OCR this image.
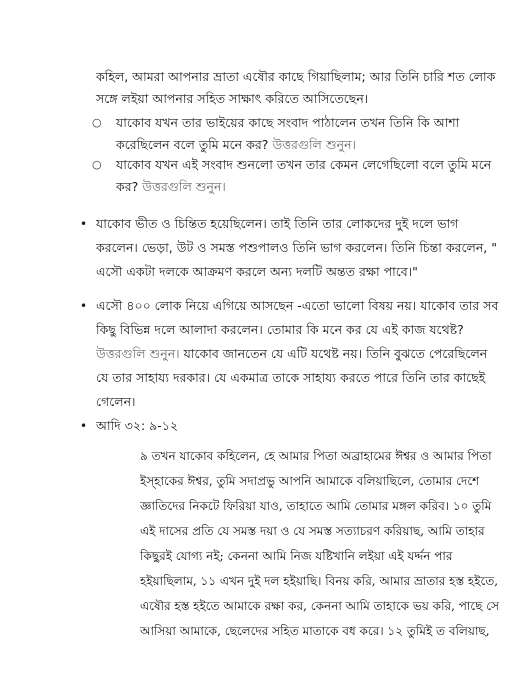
কহিল, আমরা আপনার ভ্রাতা এষৌর কাছে গিয়াছিলাম; আর তিনি চারি শত লোক সঙ্গে লইয়া আপনার সহিত সাক্ষাৎ করিতে আসিতেছেন।

○ যাকোব যখন তার ভাইয়ের কাছে সংবাদ পাঠালেন তখন তিনি কি আশা করেছিলেন বলে তুমি মনে কর? উত্তরগুলি শুনুন।

○ যাকোব যখন এই সংবাদ শুনলো তখন তার কেমন লেগেছিলো বলে তুমি মনে কর? উত্তরগুলি শুনুন।

• যাকোব ভীত ও চিন্তিত হয়েছিলেন। তাই তিনি তার লোকদের দুই দলে ভাগ করলেন। ভেড়া, উট ও সমস্ত পশুপালও তিনি ভাগ করলেন। তিনি চিন্তা করলেন, " এসৌ একটা দলকে আক্রমণ করলে অন্য দলটি অন্তত রক্ষা পাবে।"

• এসৌ ৪০০ লোক নিয়ে এগিয়ে আসছেন -এতো ভালো বিষয় নয়। যাকোব তার সব কিছু বিভিন্ন দলে আলাদা করলেন। তোমার কি মনে কর যে এই কাজ যথেষ্ট? উত্তরগুলি শুনুন। যাকোব জানতেন যে এটি যথেষ্ট নয়। তিনি বুঝতে পেরেছিলেন যে তার সাহায্য দরকার। যে একমাত্র তাকে সাহায্য করতে পারে তিনি তার কাছেই গেলেন।

• আদি ৩২: ৯-১২

৯ তখন যাকোব কহিলেন, হে আমার পিতা অব্রাহামের ঈশ্বর ও আমার পিতা ইস্‌হাকের ঈশ্বর, তুমি সদাপ্রভু আপনি আমাকে বলিয়াছিলে, তোমার দেশে জ্ঞাতিদের নিকটে ফিরিয়া যাও, তাহাতে আমি তোমার মঙ্গল করিব। ১০ তুমি এই দাসের প্রতি যে সমস্ত দয়া ও যে সমস্ত সত্যাচরণ করিয়াছ, আমি তাহার কিছুরই যোগ্য নই; কেননা আমি নিজ যষ্টিখানি লইয়া এই যর্দ্দন পার হইয়াছিলাম, ১১ এখন দুই দল হইয়াছি। বিনয় করি, আমার ভ্রাতার হস্ত হইতে, এষৌর হস্ত হইতে আমাকে রক্ষা কর, কেননা আমি তাহাকে ভয় করি, পাছে সে আসিয়া আমাকে, ছেলেদের সহিত মাতাকে বধ করে। ১২ তুমিই ত বলিয়াছ,
